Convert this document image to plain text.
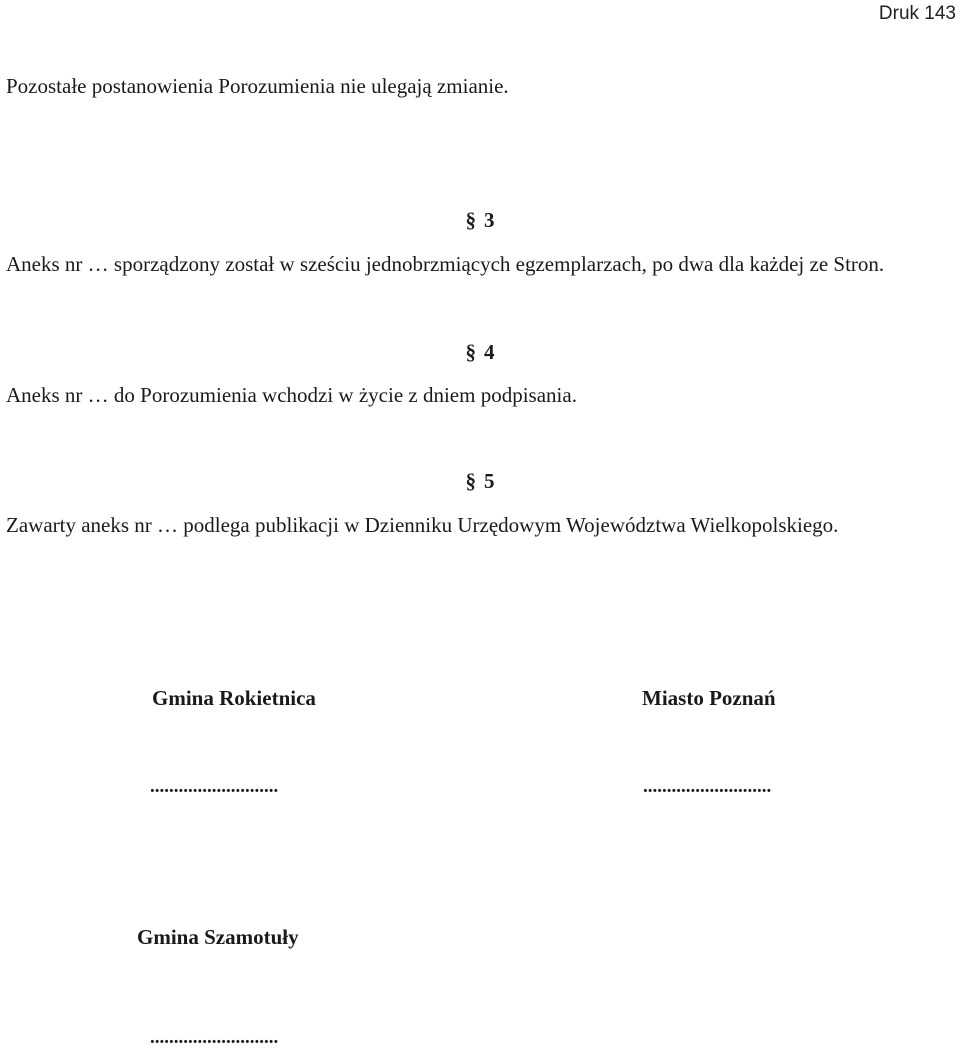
Druk 143

Pozostałe postanowienia Porozumienia nie ulegają zmianie.

§ 3

Aneks nr … sporządzony został w sześciu jednobrzmiących egzemplarzach, po dwa dla każdej ze Stron.

§ 4

Aneks nr … do Porozumienia wchodzi w życie z dniem podpisania.

§ 5

Zawarty aneks nr … podlega publikacji w Dzienniku Urzędowym Województwa Wielkopolskiego.

Gmina Rokietnica	Miasto Poznań
...........................	...........................
Gmina Szamotuły
...........................
